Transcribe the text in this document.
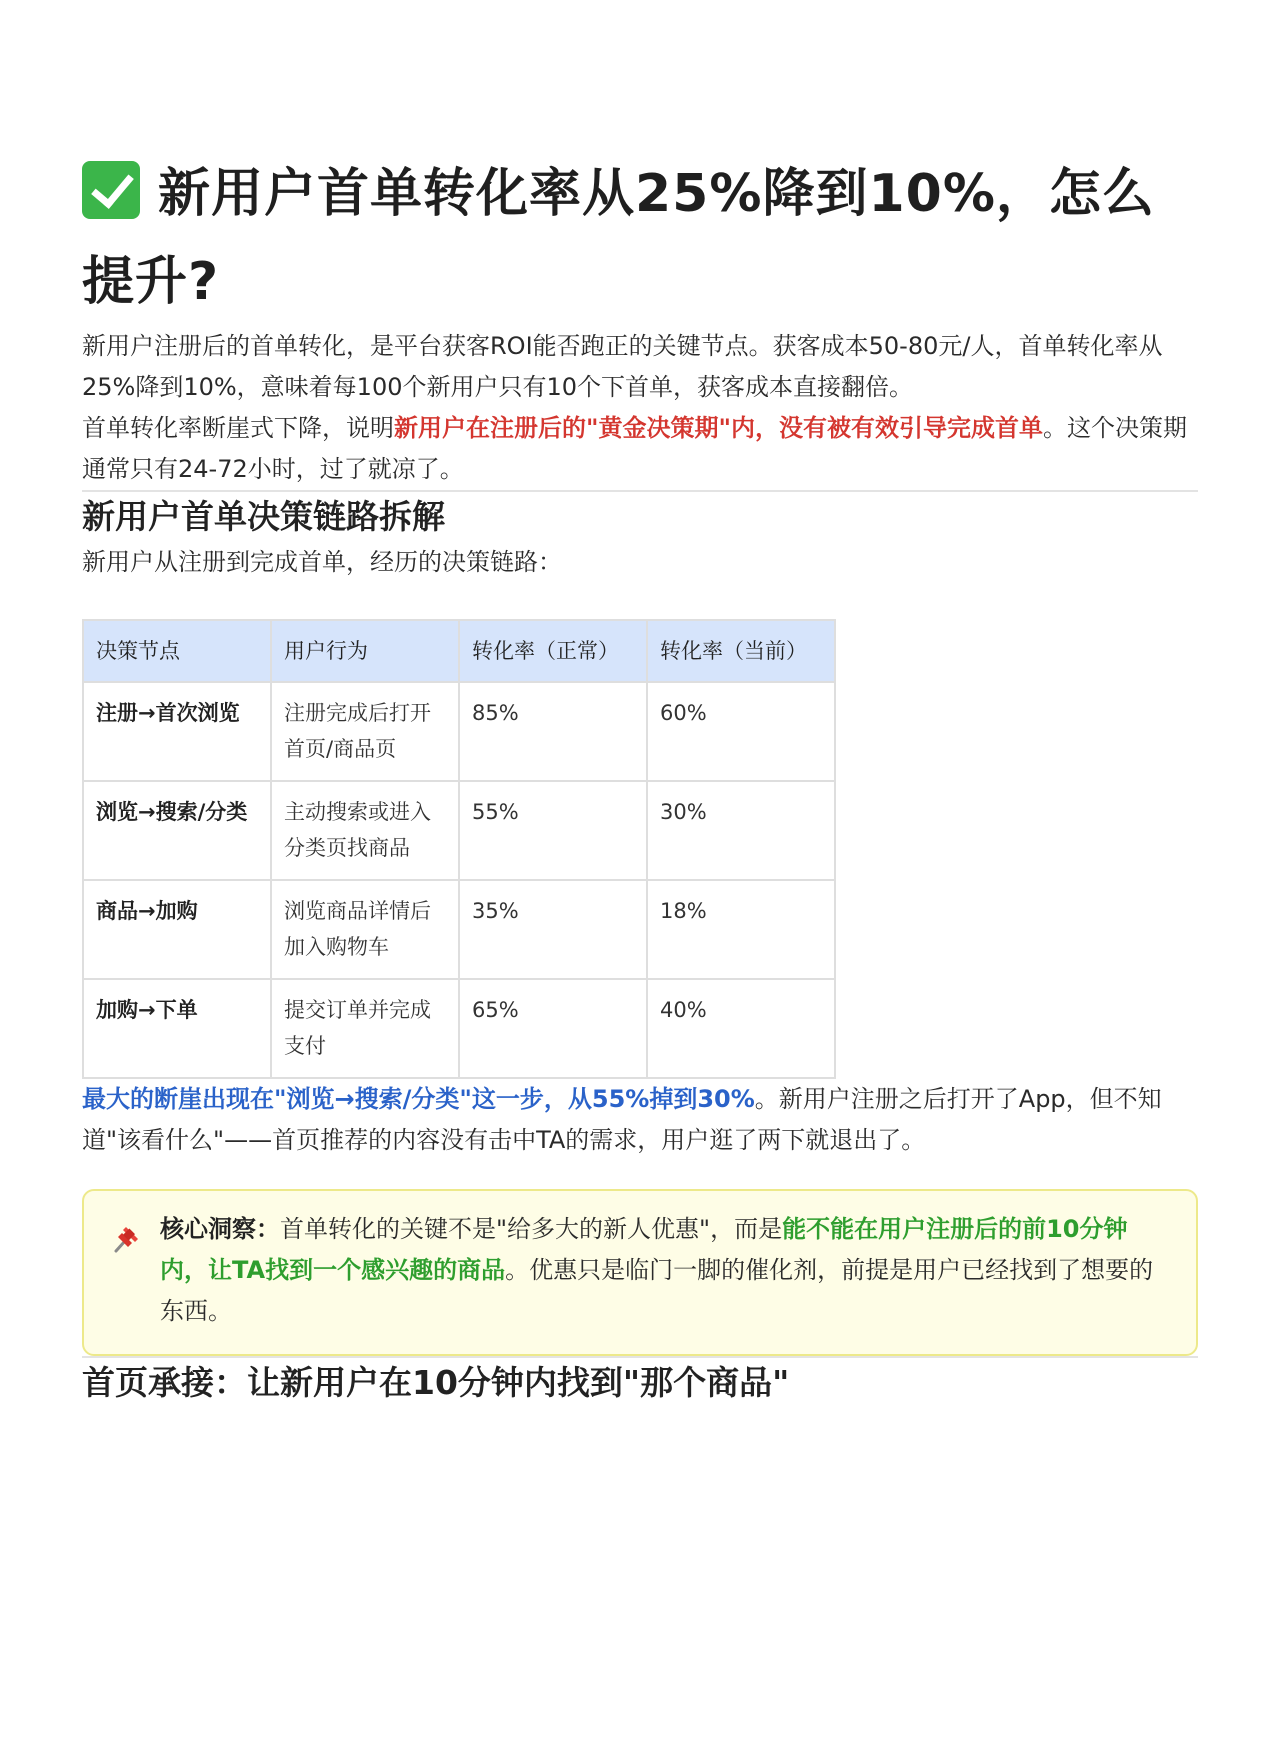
新用户首单转化率从25%降到10%，怎么提升?

新用户注册后的首单转化，是平台获客ROI能否跑正的关键节点。获客成本50-80元/人，首单转化率从25%降到10%，意味着每100个新用户只有10个下首单，获客成本直接翻倍。

首单转化率断崖式下降，说明新用户在注册后的"黄金决策期"内，没有被有效引导完成首单。这个决策期通常只有24-72小时，过了就凉了。

新用户首单决策链路拆解

新用户从注册到完成首单，经历的决策链路：

决策节点	用户行为	转化率（正常）	转化率（当前）
注册→首次浏览	注册完成后打开首页/商品页	85%	60%
浏览→搜索/分类	主动搜索或进入分类页找商品	55%	30%
商品→加购	浏览商品详情后加入购物车	35%	18%
加购→下单	提交订单并完成支付	65%	40%

最大的断崖出现在"浏览→搜索/分类"这一步，从55%掉到30%。新用户注册之后打开了App，但不知道"该看什么"——首页推荐的内容没有击中TA的需求，用户逛了两下就退出了。

核心洞察：首单转化的关键不是"给多大的新人优惠"，而是能不能在用户注册后的前10分钟内，让TA找到一个感兴趣的商品。优惠只是临门一脚的催化剂，前提是用户已经找到了想要的东西。

首页承接：让新用户在10分钟内找到"那个商品"
